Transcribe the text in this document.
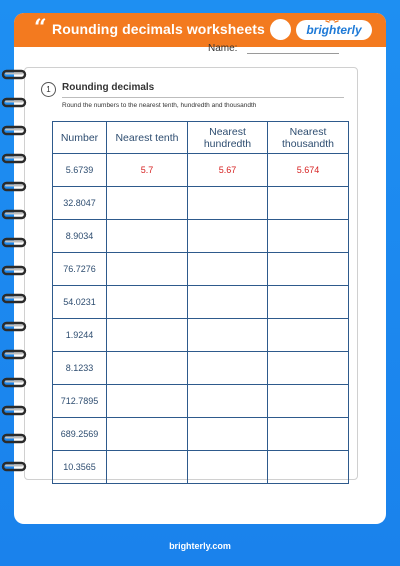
“ Rounding decimals worksheets	brighterly
Name:
1	Rounding decimals
Round the numbers to the nearest tenth, hundredth and thousandth
Number	Nearest tenth	Nearest hundredth	Nearest thousandth
5.6739	5.7	5.67	5.674
32.8047			
8.9034			
76.7276			
54.0231			
1.9244			
8.1233			
712.7895			
689.2569			
10.3565			
brighterly.com
